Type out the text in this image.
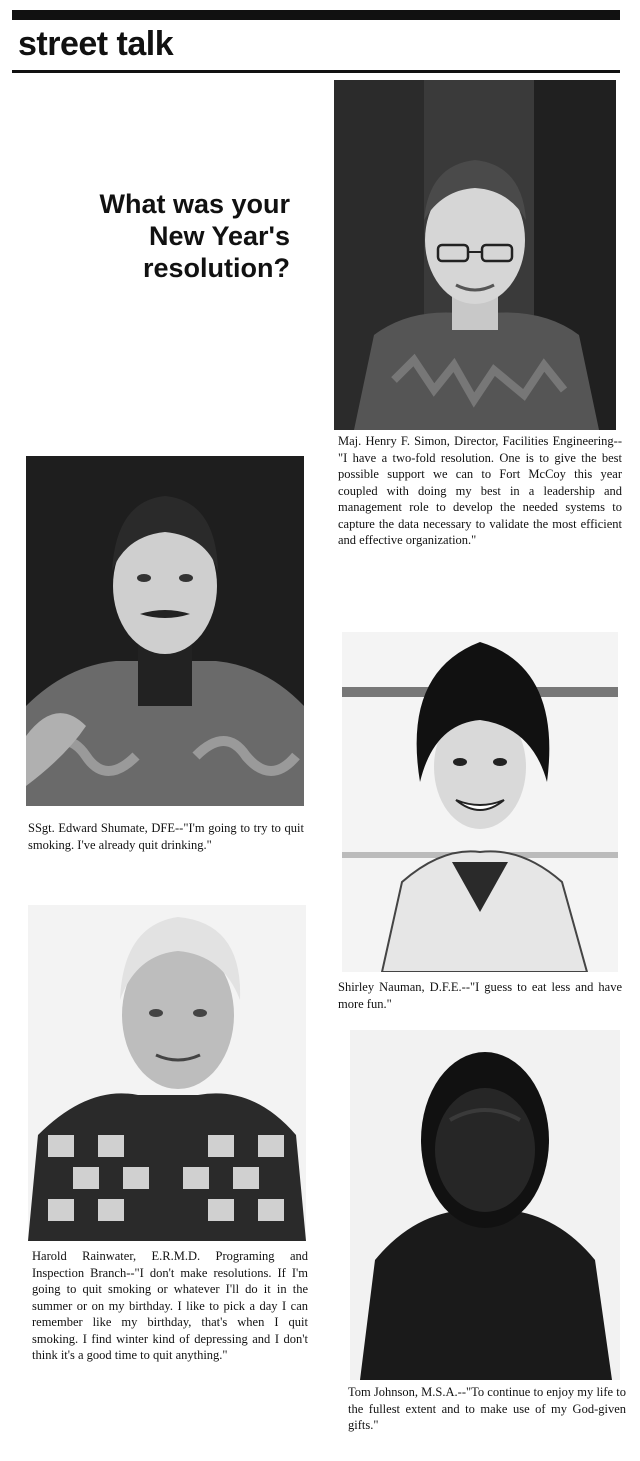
street talk
What was your
New Year's
resolution?
Maj. Henry F. Simon, Director, Facilities Engineering--"I have a two-fold resolution. One is to give the best possible support we can to Fort McCoy this year coupled with doing my best in a leadership and management role to develop the needed systems to capture the data necessary to validate the most efficient and effective organization."
SSgt. Edward Shumate, DFE--"I'm going to try to quit smoking. I've already quit drinking."
Shirley Nauman, D.F.E.--"I guess to eat less and have more fun."
Harold Rainwater, E.R.M.D. Programing and Inspection Branch--"I don't make resolutions. If I'm going to quit smoking or whatever I'll do it in the summer or on my birthday. I like to pick a day I can remember like my birthday, that's when I quit smoking. I find winter kind of depressing and I don't think it's a good time to quit anything."
Tom Johnson, M.S.A.--"To continue to enjoy my life to the fullest extent and to make use of my God-given gifts."
